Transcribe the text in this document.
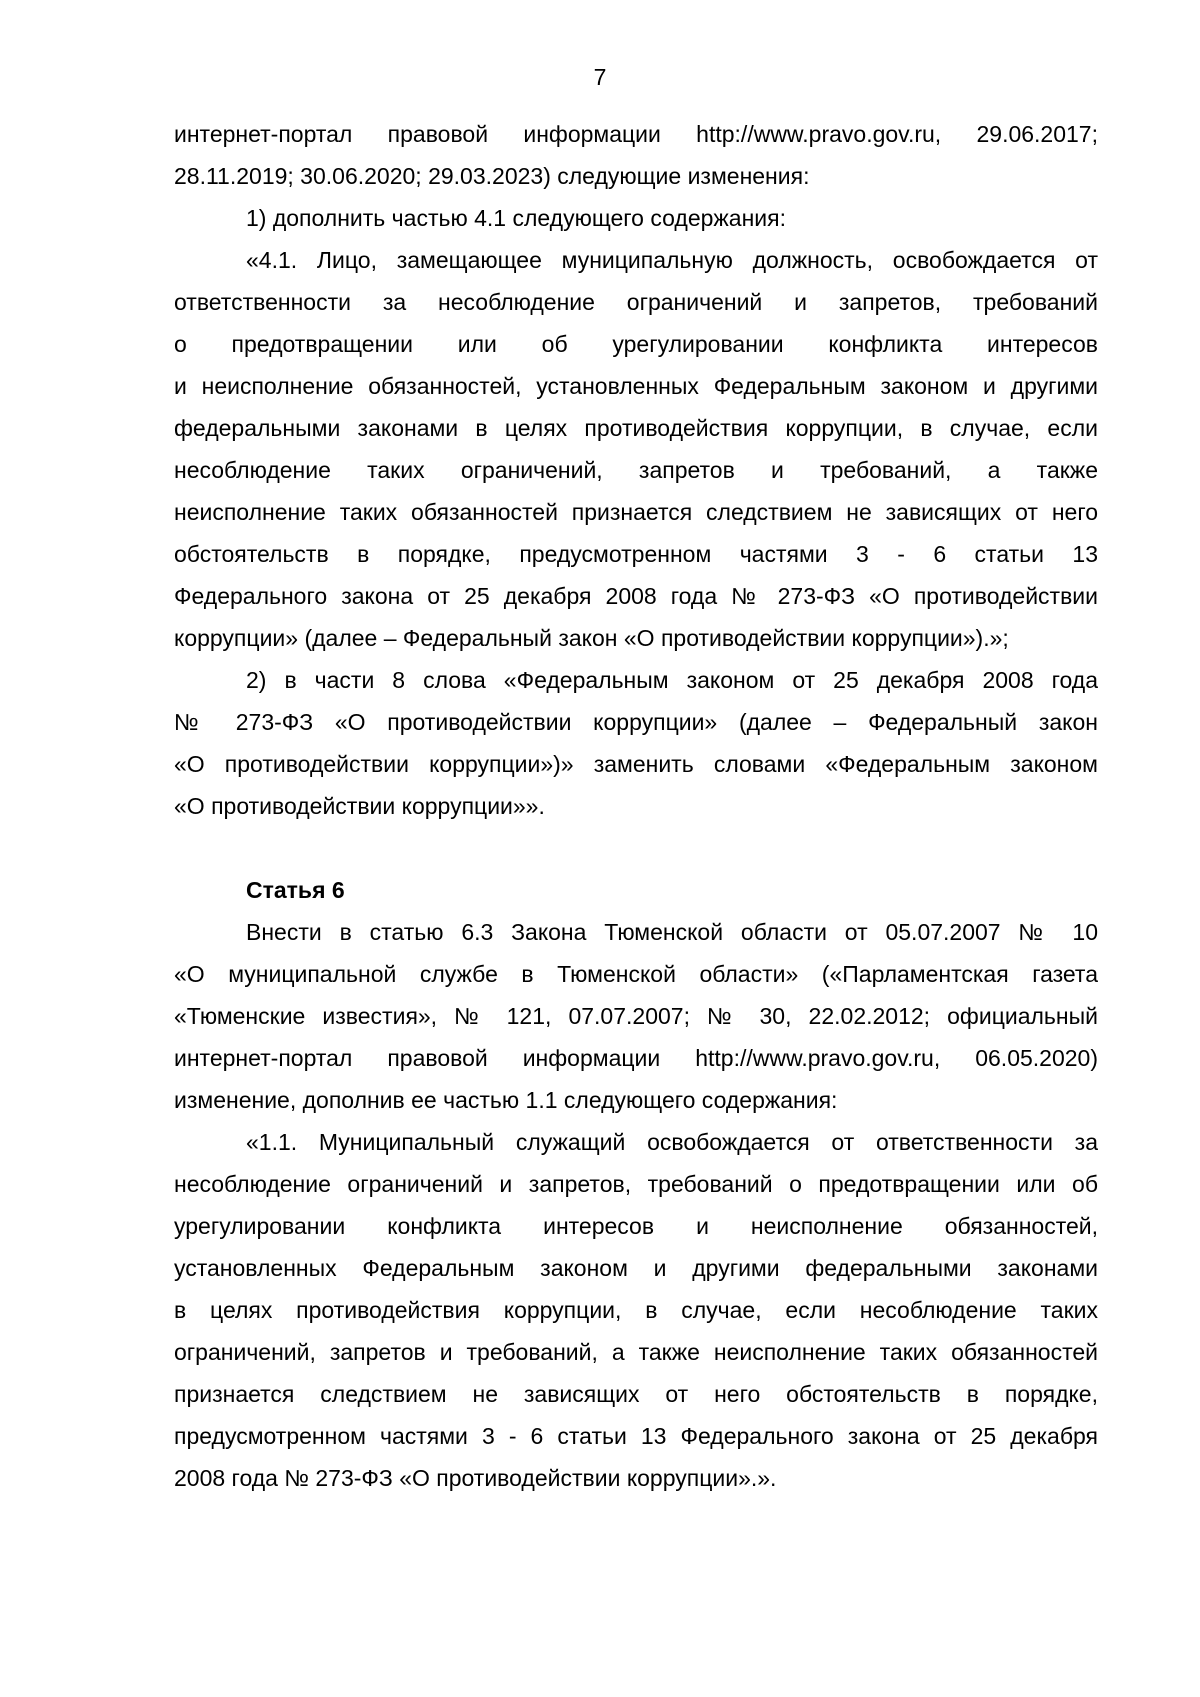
7
интернет-портал правовой информации http://www.pravo.gov.ru, 29.06.2017;
28.11.2019; 30.06.2020; 29.03.2023) следующие изменения:
1) дополнить частью 4.1 следующего содержания:
«4.1. Лицо, замещающее муниципальную должность, освобождается от
ответственности за несоблюдение ограничений и запретов, требований
о предотвращении или об урегулировании конфликта интересов
и неисполнение обязанностей, установленных Федеральным законом и другими
федеральными законами в целях противодействия коррупции, в случае, если
несоблюдение таких ограничений, запретов и требований, а также
неисполнение таких обязанностей признается следствием не зависящих от него
обстоятельств в порядке, предусмотренном частями 3 - 6 статьи 13
Федерального закона от 25 декабря 2008 года № 273-ФЗ «О противодействии
коррупции» (далее – Федеральный закон «О противодействии коррупции»).»;
2) в части 8 слова «Федеральным законом от 25 декабря 2008 года
№ 273-ФЗ «О противодействии коррупции» (далее – Федеральный закон
«О противодействии коррупции»)» заменить словами «Федеральным законом
«О противодействии коррупции»».
Статья 6
Внести в статью 6.3 Закона Тюменской области от 05.07.2007 № 10
«О муниципальной службе в Тюменской области» («Парламентская газета
«Тюменские известия», № 121, 07.07.2007; № 30, 22.02.2012; официальный
интернет-портал правовой информации http://www.pravo.gov.ru, 06.05.2020)
изменение, дополнив ее частью 1.1 следующего содержания:
«1.1. Муниципальный служащий освобождается от ответственности за
несоблюдение ограничений и запретов, требований о предотвращении или об
урегулировании конфликта интересов и неисполнение обязанностей,
установленных Федеральным законом и другими федеральными законами
в целях противодействия коррупции, в случае, если несоблюдение таких
ограничений, запретов и требований, а также неисполнение таких обязанностей
признается следствием не зависящих от него обстоятельств в порядке,
предусмотренном частями 3 - 6 статьи 13 Федерального закона от 25 декабря
2008 года № 273-ФЗ «О противодействии коррупции».».
